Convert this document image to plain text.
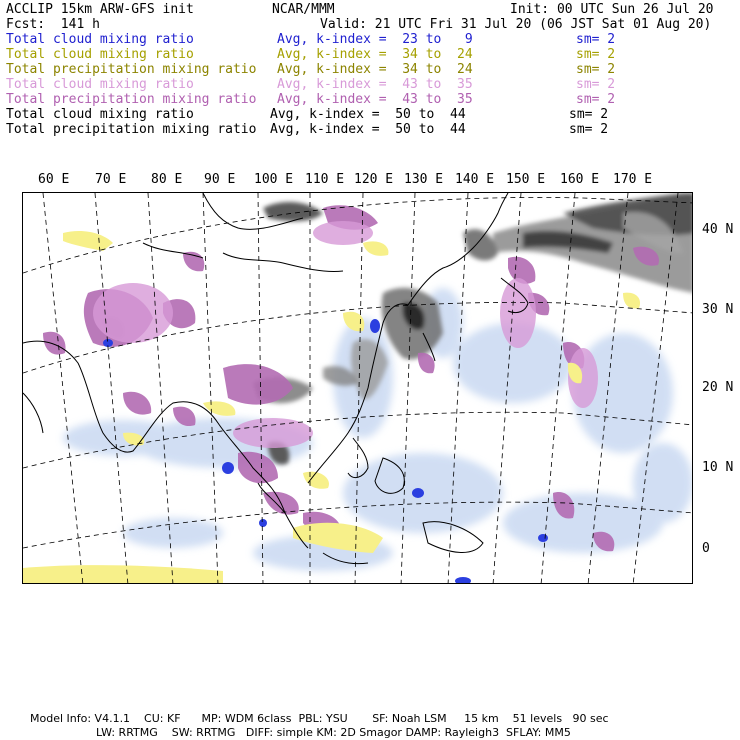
ACCLIP 15km ARW-GFS init	NCAR/MMM	Init: 00 UTC Sun 26 Jul 20
Fcst:  141 h	Valid: 21 UTC Fri 31 Jul 20 (06 JST Sat 01 Aug 20)
Total cloud mixing ratio	Avg, k-index =  23 to   9	sm= 2
Total cloud mixing ratio	Avg, k-index =  34 to  24	sm= 2
Total precipitation mixing ratio Avg, k-index =  34 to  24	sm= 2
Total cloud mixing ratio	Avg, k-index =  43 to  35	sm= 2
Total precipitation mixing ratio Avg, k-index =  43 to  35	sm= 2
Total cloud mixing ratio	Avg, k-index =  50 to  44	sm= 2
Total precipitation mixing ratio Avg, k-index =  50 to  44	sm= 2
60 E 70 E 80 E 90 E 100 E 110 E 120 E 130 E 140 E 150 E 160 E 170 E
40 N
30 N
20 N
10 N
0
Model Info: V4.1.1    CU: KF      MP: WDM 6class  PBL: YSU       SF: Noah LSM     15 km    51 levels   90 sec
LW: RRTMG    SW: RRTMG   DIFF: simple KM: 2D Smagor DAMP: Rayleigh3  SFLAY: MM5
